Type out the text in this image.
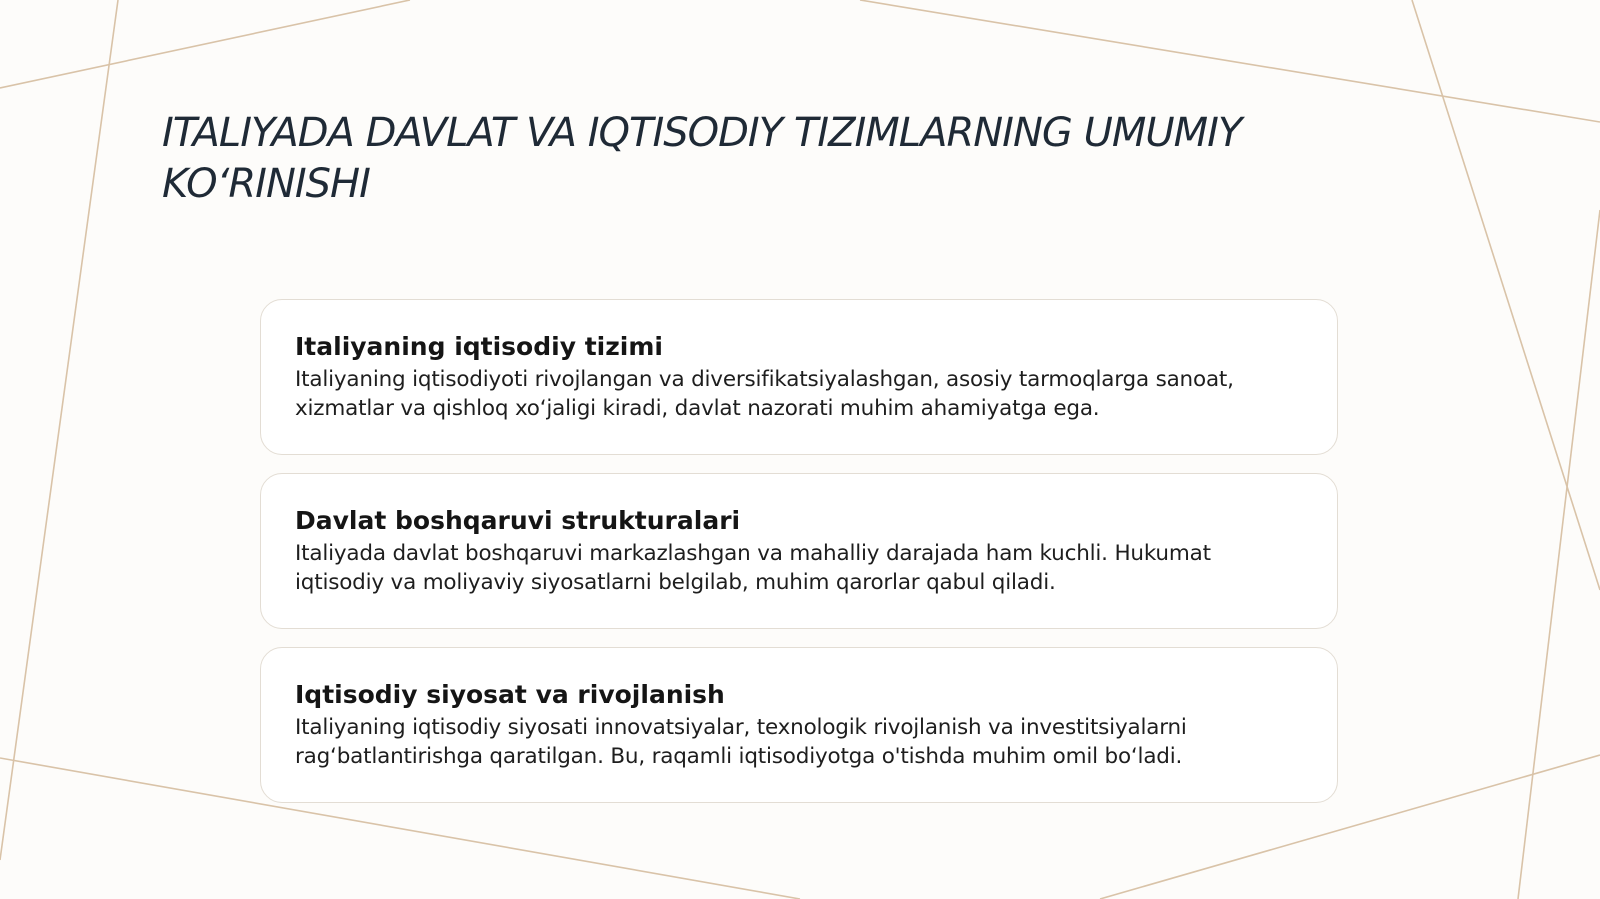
ITALIYADA DAVLAT VA IQTISODIY TIZIMLARNING UMUMIY KO‘RINISHI
Italiyaning iqtisodiy tizimi

Italiyaning iqtisodiyoti rivojlangan va diversifikatsiyalashgan, asosiy tarmoqlarga sanoat, xizmatlar va qishloq xo‘jaligi kiradi, davlat nazorati muhim ahamiyatga ega.

Davlat boshqaruvi strukturalari

Italiyada davlat boshqaruvi markazlashgan va mahalliy darajada ham kuchli. Hukumat iqtisodiy va moliyaviy siyosatlarni belgilab, muhim qarorlar qabul qiladi.

Iqtisodiy siyosat va rivojlanish

Italiyaning iqtisodiy siyosati innovatsiyalar, texnologik rivojlanish va investitsiyalarni rag‘batlantirishga qaratilgan. Bu, raqamli iqtisodiyotga o'tishda muhim omil bo‘ladi.
